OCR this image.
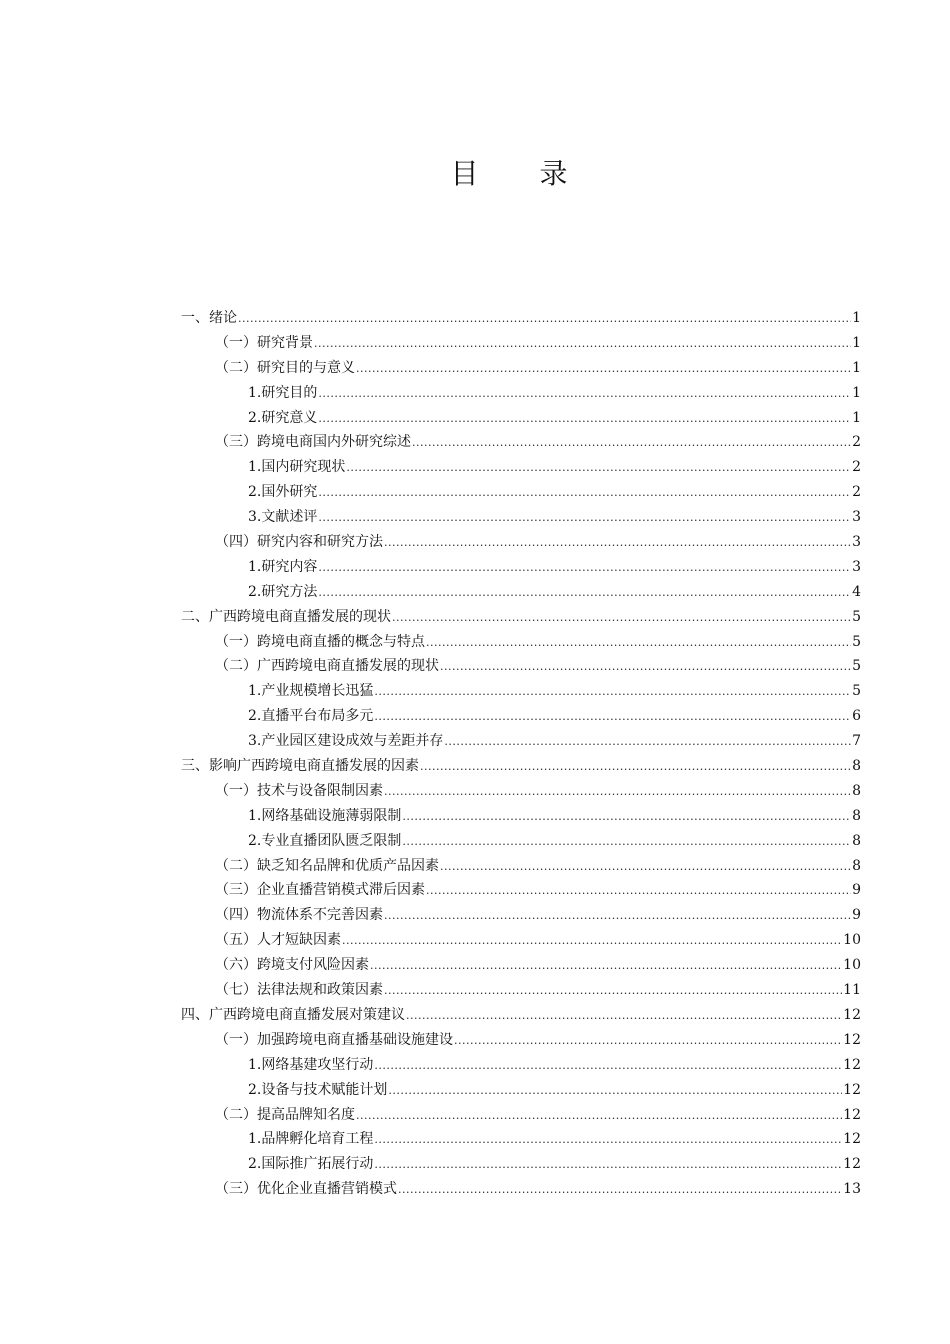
目 录
一、绪论 .....	1
（一）研究背景 .....	1
（二）研究目的与意义 .....	1
1.研究目的 .....	1
2.研究意义 .....	1
（三）跨境电商国内外研究综述 .....	2
1.国内研究现状 .....	2
2.国外研究 .....	2
3.文献述评 .....	3
（四）研究内容和研究方法 .....	3
1.研究内容 .....	3
2.研究方法 .....	4
二、广西跨境电商直播发展的现状 .....	5
（一）跨境电商直播的概念与特点 .....	5
（二）广西跨境电商直播发展的现状 .....	5
1.产业规模增长迅猛 .....	5
2.直播平台布局多元 .....	6
3.产业园区建设成效与差距并存 .....	7
三、影响广西跨境电商直播发展的因素 .....	8
（一）技术与设备限制因素 .....	8
1.网络基础设施薄弱限制 .....	8
2.专业直播团队匮乏限制 .....	8
（二）缺乏知名品牌和优质产品因素 .....	8
（三）企业直播营销模式滞后因素 .....	9
（四）物流体系不完善因素 .....	9
（五）人才短缺因素 .....	10
（六）跨境支付风险因素 .....	10
（七）法律法规和政策因素 .....	11
四、广西跨境电商直播发展对策建议 .....	12
（一）加强跨境电商直播基础设施建设 .....	12
1.网络基建攻坚行动 .....	12
2.设备与技术赋能计划 .....	12
（二）提高品牌知名度 .....	12
1.品牌孵化培育工程 .....	12
2.国际推广拓展行动 .....	12
（三）优化企业直播营销模式 .....	13
